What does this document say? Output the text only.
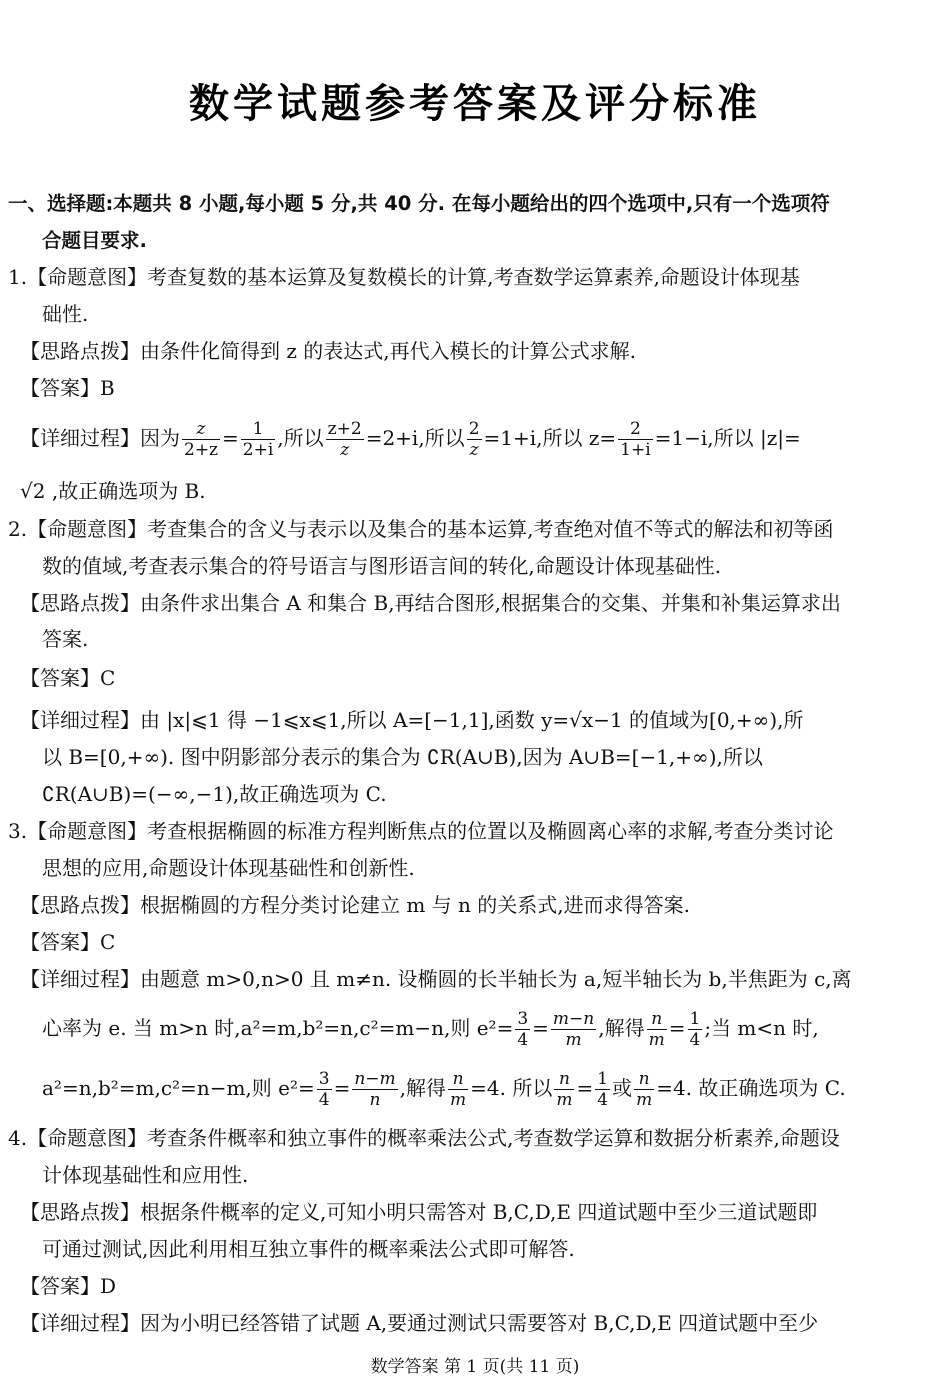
数学试题参考答案及评分标准
一、选择题:本题共 8 小题,每小题 5 分,共 40 分. 在每小题给出的四个选项中,只有一个选项符
合题目要求.
1.【命题意图】考查复数的基本运算及复数模长的计算,考查数学运算素养,命题设计体现基
础性.
【思路点拨】由条件化简得到 z 的表达式,再代入模长的计算公式求解.
【答案】B
【详细过程】因为 $\frac{z}{2+z} = \frac{1}{2+i}$ ,所以 $\frac{z+2}{z} =2+i$,所以 $\frac{2}{z} =1+i$,所以 $z= \frac{2}{1+i} =1-i$,所以 |z|=
√2 ,故正确选项为 B.
2.【命题意图】考查集合的含义与表示以及集合的基本运算,考查绝对值不等式的解法和初等函
数的值域,考查表示集合的符号语言与图形语言间的转化,命题设计体现基础性.
【思路点拨】由条件求出集合 A 和集合 B,再结合图形,根据集合的交集、并集和补集运算求出
答案.
【答案】C
【详细过程】由 |x|⩽1 得 −1⩽x⩽1,所以 A=[−1,1],函数 y=√x−1 的值域为[0,+∞),所
以 B=[0,+∞). 图中阴影部分表示的集合为 ∁R(A∪B),因为 A∪B=[−1,+∞),所以
∁R(A∪B)=(−∞,−1),故正确选项为 C.
3.【命题意图】考查根据椭圆的标准方程判断焦点的位置以及椭圆离心率的求解,考查分类讨论
思想的应用,命题设计体现基础性和创新性.
【思路点拨】根据椭圆的方程分类讨论建立 m 与 n 的关系式,进而求得答案.
【答案】C
【详细过程】由题意 m>0,n>0 且 m≠n. 设椭圆的长半轴长为 a,短半轴长为 b,半焦距为 c,离
心率为 e. 当 m>n 时,a²=m,b²=n,c²=m−n,则 $e^2= \frac{3}{4} = \frac{m-n}{m}$ ,解得 $\frac{n}{m} = \frac{1}{4}$ ;当 m<n 时,
a²=n,b²=m,c²=n−m,则 $e^2= \frac{3}{4} = \frac{n-m}{n}$ ,解得 $\frac{n}{m} =4$. 所以 $\frac{n}{m} = \frac{1}{4}$ 或 $\frac{n}{m} =4$. 故正确选项为 C.
4.【命题意图】考查条件概率和独立事件的概率乘法公式,考查数学运算和数据分析素养,命题设
计体现基础性和应用性.
【思路点拨】根据条件概率的定义,可知小明只需答对 B,C,D,E 四道试题中至少三道试题即
可通过测试,因此利用相互独立事件的概率乘法公式即可解答.
【答案】D
【详细过程】因为小明已经答错了试题 A,要通过测试只需要答对 B,C,D,E 四道试题中至少
数学答案 第 1 页(共 11 页)
